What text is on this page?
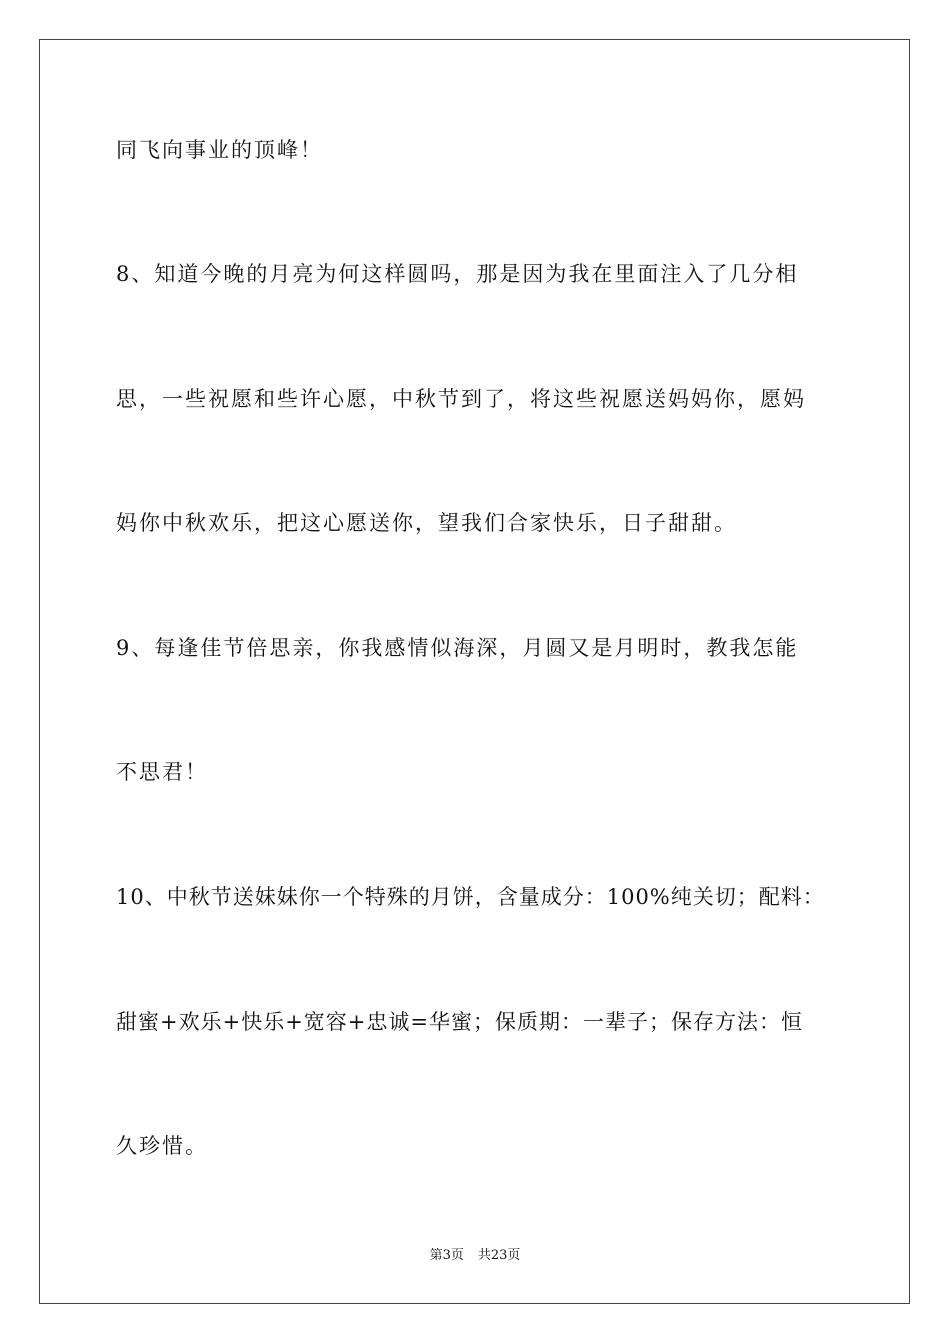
同飞向事业的顶峰！
8、知道今晚的月亮为何这样圆吗，那是因为我在里面注入了几分相
思，一些祝愿和些许心愿，中秋节到了，将这些祝愿送妈妈你，愿妈
妈你中秋欢乐，把这心愿送你，望我们合家快乐，日子甜甜。
9、每逢佳节倍思亲，你我感情似海深，月圆又是月明时，教我怎能
不思君！
10、中秋节送妹妹你一个特殊的月饼，含量成分：100%纯关切；配料：
甜蜜+欢乐+快乐+宽容+忠诚=华蜜；保质期：一辈子；保存方法：恒
久珍惜。
第3页 共23页
